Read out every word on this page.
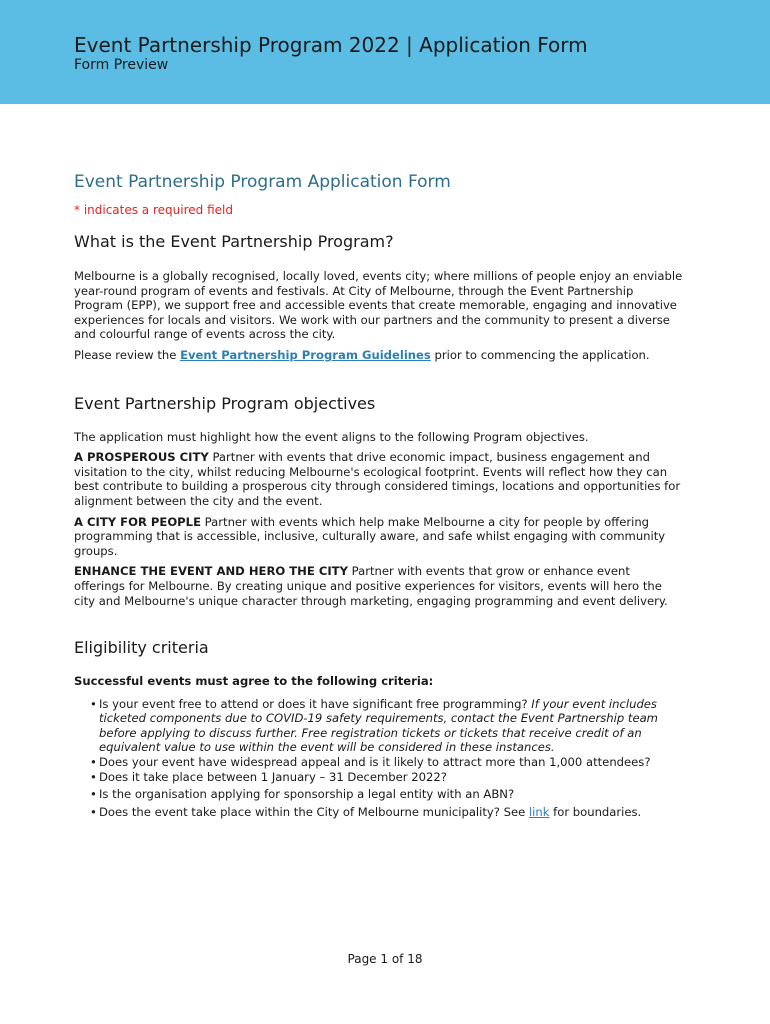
Event Partnership Program 2022 | Application Form
Form Preview
Event Partnership Program Application Form
* indicates a required field
What is the Event Partnership Program?

Melbourne is a globally recognised, locally loved, events city; where millions of people enjoy an enviable year-round program of events and festivals. At City of Melbourne, through the Event Partnership Program (EPP), we support free and accessible events that create memorable, engaging and innovative experiences for locals and visitors. We work with our partners and the community to present a diverse and colourful range of events across the city.

Please review the Event Partnership Program Guidelines prior to commencing the application.

Event Partnership Program objectives

The application must highlight how the event aligns to the following Program objectives.

A PROSPEROUS CITY Partner with events that drive economic impact, business engagement and visitation to the city, whilst reducing Melbourne's ecological footprint. Events will reflect how they can best contribute to building a prosperous city through considered timings, locations and opportunities for alignment between the city and the event.

A CITY FOR PEOPLE Partner with events which help make Melbourne a city for people by offering programming that is accessible, inclusive, culturally aware, and safe whilst engaging with community groups.

ENHANCE THE EVENT AND HERO THE CITY Partner with events that grow or enhance event offerings for Melbourne. By creating unique and positive experiences for visitors, events will hero the city and Melbourne's unique character through marketing, engaging programming and event delivery.

Eligibility criteria

Successful events must agree to the following criteria:

• Is your event free to attend or does it have significant free programming? If your event includes ticketed components due to COVID-19 safety requirements, contact the Event Partnership team before applying to discuss further. Free registration tickets or tickets that receive credit of an equivalent value to use within the event will be considered in these instances.
• Does your event have widespread appeal and is it likely to attract more than 1,000 attendees?
• Does it take place between 1 January – 31 December 2022?
• Is the organisation applying for sponsorship a legal entity with an ABN?
• Does the event take place within the City of Melbourne municipality? See link for boundaries.
Page 1 of 18
